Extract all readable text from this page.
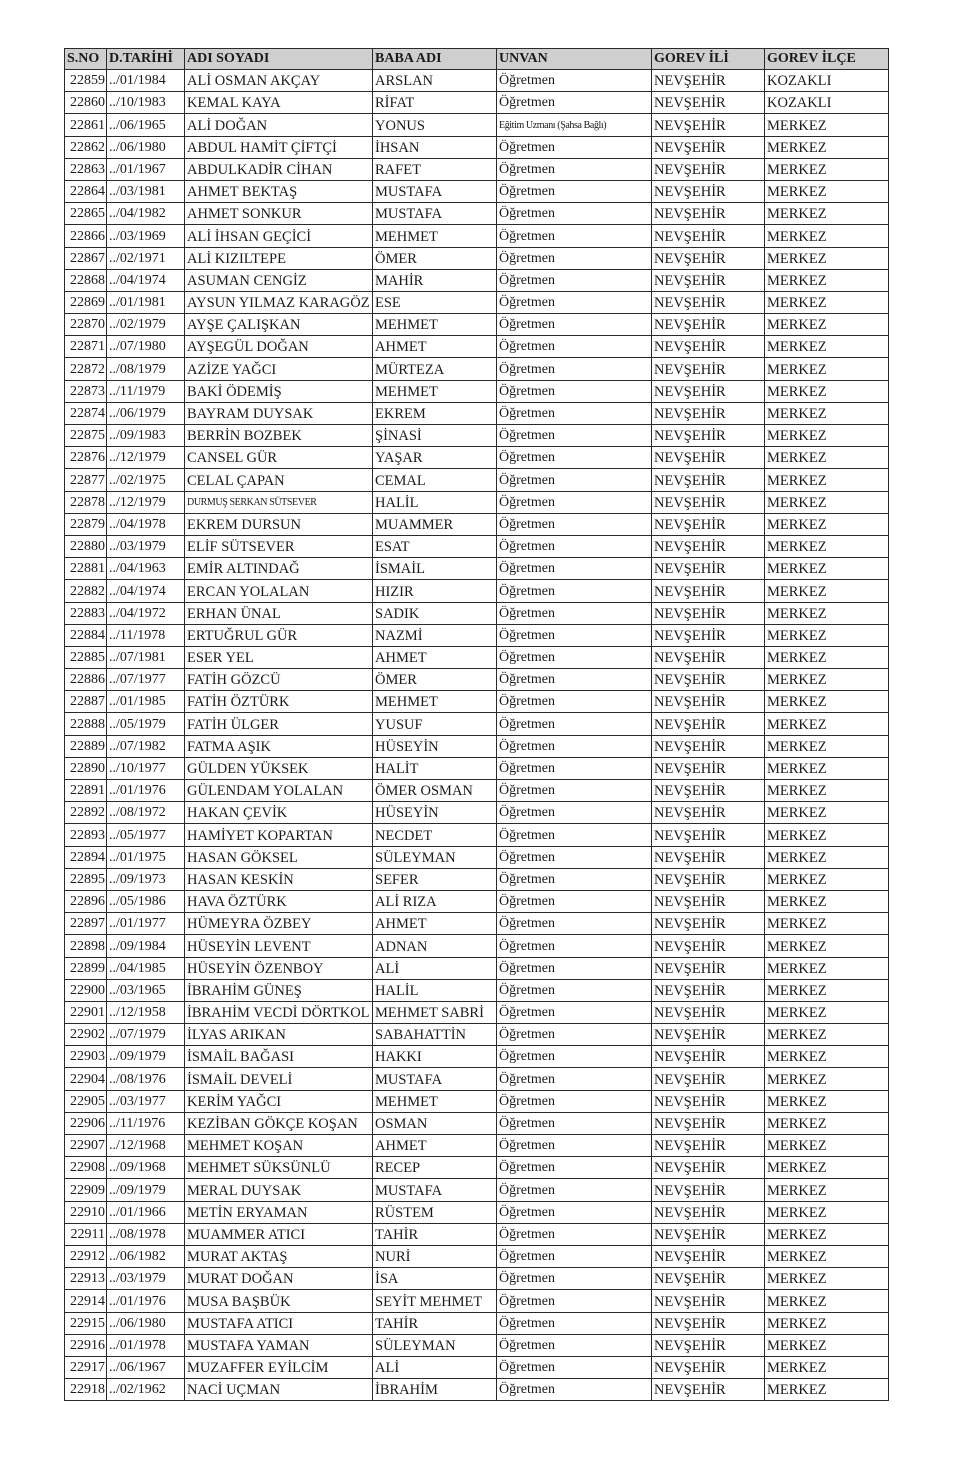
S.NO	D.TARİHİ	ADI SOYADI	BABA ADI	UNVAN	GOREV İLİ	GOREV İLÇE
22859	../01/1984	ALİ OSMAN AKÇAY	ARSLAN	Öğretmen	NEVŞEHİR	KOZAKLI
22860	../10/1983	KEMAL KAYA	RİFAT	Öğretmen	NEVŞEHİR	KOZAKLI
22861	../06/1965	ALİ DOĞAN	YONUS	Eğitim Uzmanı (Şahsa Bağlı)	NEVŞEHİR	MERKEZ
22862	../06/1980	ABDUL HAMİT ÇİFTÇİ	İHSAN	Öğretmen	NEVŞEHİR	MERKEZ
22863	../01/1967	ABDULKADİR CİHAN	RAFET	Öğretmen	NEVŞEHİR	MERKEZ
22864	../03/1981	AHMET BEKTAŞ	MUSTAFA	Öğretmen	NEVŞEHİR	MERKEZ
22865	../04/1982	AHMET SONKUR	MUSTAFA	Öğretmen	NEVŞEHİR	MERKEZ
22866	../03/1969	ALİ İHSAN GEÇİCİ	MEHMET	Öğretmen	NEVŞEHİR	MERKEZ
22867	../02/1971	ALİ KIZILTEPE	ÖMER	Öğretmen	NEVŞEHİR	MERKEZ
22868	../04/1974	ASUMAN CENGİZ	MAHİR	Öğretmen	NEVŞEHİR	MERKEZ
22869	../01/1981	AYSUN YILMAZ KARAGÖZ	ESE	Öğretmen	NEVŞEHİR	MERKEZ
22870	../02/1979	AYŞE ÇALIŞKAN	MEHMET	Öğretmen	NEVŞEHİR	MERKEZ
22871	../07/1980	AYŞEGÜL DOĞAN	AHMET	Öğretmen	NEVŞEHİR	MERKEZ
22872	../08/1979	AZİZE YAĞCI	MÜRTEZA	Öğretmen	NEVŞEHİR	MERKEZ
22873	../11/1979	BAKİ ÖDEMİŞ	MEHMET	Öğretmen	NEVŞEHİR	MERKEZ
22874	../06/1979	BAYRAM DUYSAK	EKREM	Öğretmen	NEVŞEHİR	MERKEZ
22875	../09/1983	BERRİN BOZBEK	ŞİNASİ	Öğretmen	NEVŞEHİR	MERKEZ
22876	../12/1979	CANSEL GÜR	YAŞAR	Öğretmen	NEVŞEHİR	MERKEZ
22877	../02/1975	CELAL ÇAPAN	CEMAL	Öğretmen	NEVŞEHİR	MERKEZ
22878	../12/1979	DURMUŞ SERKAN SÜTSEVER	HALİL	Öğretmen	NEVŞEHİR	MERKEZ
22879	../04/1978	EKREM DURSUN	MUAMMER	Öğretmen	NEVŞEHİR	MERKEZ
22880	../03/1979	ELİF SÜTSEVER	ESAT	Öğretmen	NEVŞEHİR	MERKEZ
22881	../04/1963	EMİR ALTINDAĞ	İSMAİL	Öğretmen	NEVŞEHİR	MERKEZ
22882	../04/1974	ERCAN YOLALAN	HIZIR	Öğretmen	NEVŞEHİR	MERKEZ
22883	../04/1972	ERHAN ÜNAL	SADIK	Öğretmen	NEVŞEHİR	MERKEZ
22884	../11/1978	ERTUĞRUL GÜR	NAZMİ	Öğretmen	NEVŞEHİR	MERKEZ
22885	../07/1981	ESER YEL	AHMET	Öğretmen	NEVŞEHİR	MERKEZ
22886	../07/1977	FATİH GÖZCÜ	ÖMER	Öğretmen	NEVŞEHİR	MERKEZ
22887	../01/1985	FATİH ÖZTÜRK	MEHMET	Öğretmen	NEVŞEHİR	MERKEZ
22888	../05/1979	FATİH ÜLGER	YUSUF	Öğretmen	NEVŞEHİR	MERKEZ
22889	../07/1982	FATMA AŞIK	HÜSEYİN	Öğretmen	NEVŞEHİR	MERKEZ
22890	../10/1977	GÜLDEN YÜKSEK	HALİT	Öğretmen	NEVŞEHİR	MERKEZ
22891	../01/1976	GÜLENDAM YOLALAN	ÖMER OSMAN	Öğretmen	NEVŞEHİR	MERKEZ
22892	../08/1972	HAKAN ÇEVİK	HÜSEYİN	Öğretmen	NEVŞEHİR	MERKEZ
22893	../05/1977	HAMİYET KOPARTAN	NECDET	Öğretmen	NEVŞEHİR	MERKEZ
22894	../01/1975	HASAN GÖKSEL	SÜLEYMAN	Öğretmen	NEVŞEHİR	MERKEZ
22895	../09/1973	HASAN KESKİN	SEFER	Öğretmen	NEVŞEHİR	MERKEZ
22896	../05/1986	HAVA ÖZTÜRK	ALİ RIZA	Öğretmen	NEVŞEHİR	MERKEZ
22897	../01/1977	HÜMEYRA ÖZBEY	AHMET	Öğretmen	NEVŞEHİR	MERKEZ
22898	../09/1984	HÜSEYİN LEVENT	ADNAN	Öğretmen	NEVŞEHİR	MERKEZ
22899	../04/1985	HÜSEYİN ÖZENBOY	ALİ	Öğretmen	NEVŞEHİR	MERKEZ
22900	../03/1965	İBRAHİM GÜNEŞ	HALİL	Öğretmen	NEVŞEHİR	MERKEZ
22901	../12/1958	İBRAHİM VECDİ DÖRTKOL	MEHMET SABRİ	Öğretmen	NEVŞEHİR	MERKEZ
22902	../07/1979	İLYAS ARIKAN	SABAHATTİN	Öğretmen	NEVŞEHİR	MERKEZ
22903	../09/1979	İSMAİL BAĞASI	HAKKI	Öğretmen	NEVŞEHİR	MERKEZ
22904	../08/1976	İSMAİL DEVELİ	MUSTAFA	Öğretmen	NEVŞEHİR	MERKEZ
22905	../03/1977	KERİM YAĞCI	MEHMET	Öğretmen	NEVŞEHİR	MERKEZ
22906	../11/1976	KEZİBAN GÖKÇE KOŞAN	OSMAN	Öğretmen	NEVŞEHİR	MERKEZ
22907	../12/1968	MEHMET KOŞAN	AHMET	Öğretmen	NEVŞEHİR	MERKEZ
22908	../09/1968	MEHMET SÜKSÜNLÜ	RECEP	Öğretmen	NEVŞEHİR	MERKEZ
22909	../09/1979	MERAL DUYSAK	MUSTAFA	Öğretmen	NEVŞEHİR	MERKEZ
22910	../01/1966	METİN ERYAMAN	RÜSTEM	Öğretmen	NEVŞEHİR	MERKEZ
22911	../08/1978	MUAMMER ATICI	TAHİR	Öğretmen	NEVŞEHİR	MERKEZ
22912	../06/1982	MURAT AKTAŞ	NURİ	Öğretmen	NEVŞEHİR	MERKEZ
22913	../03/1979	MURAT DOĞAN	İSA	Öğretmen	NEVŞEHİR	MERKEZ
22914	../01/1976	MUSA BAŞBÜK	SEYİT MEHMET	Öğretmen	NEVŞEHİR	MERKEZ
22915	../06/1980	MUSTAFA ATICI	TAHİR	Öğretmen	NEVŞEHİR	MERKEZ
22916	../01/1978	MUSTAFA YAMAN	SÜLEYMAN	Öğretmen	NEVŞEHİR	MERKEZ
22917	../06/1967	MUZAFFER EYİLCİM	ALİ	Öğretmen	NEVŞEHİR	MERKEZ
22918	../02/1962	NACİ UÇMAN	İBRAHİM	Öğretmen	NEVŞEHİR	MERKEZ
